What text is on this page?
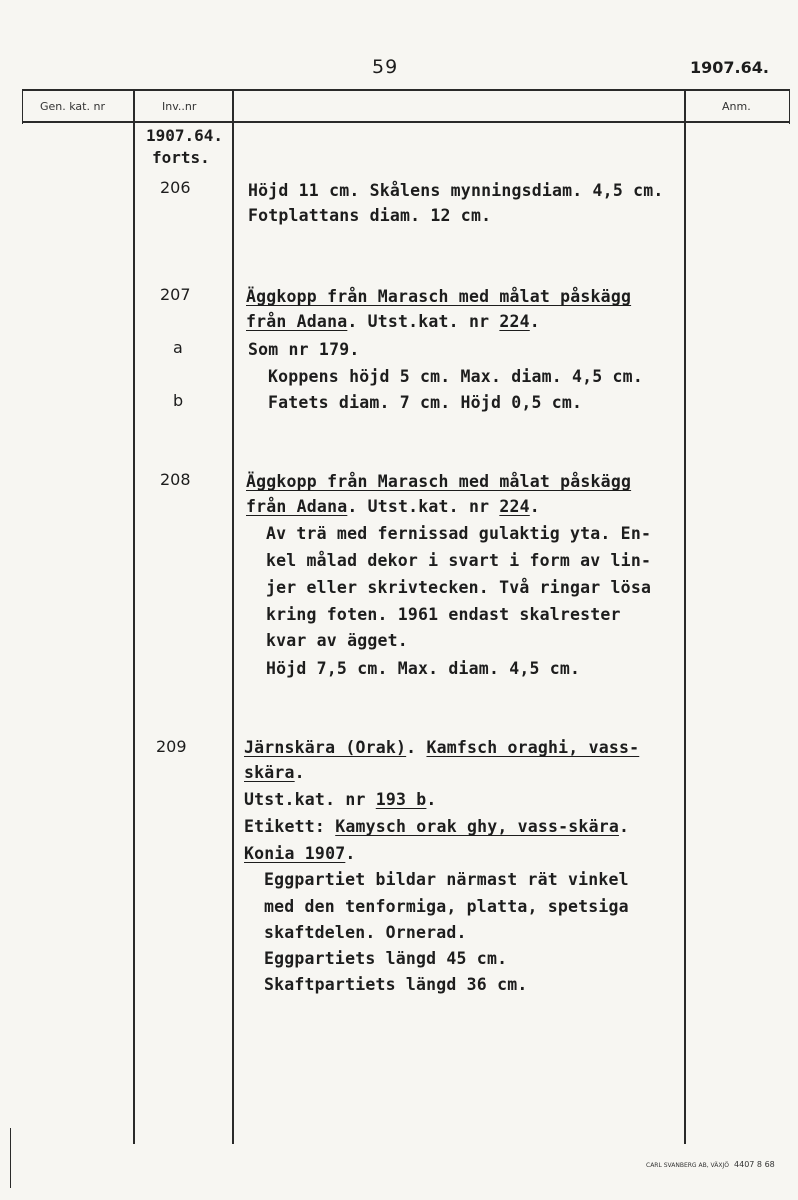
59	1907.64.
Gen. kat. nr	Inv..nr	Anm.
1907.64.
forts.
206	Höjd 11 cm. Skålens mynningsdiam. 4,5 cm.
Fotplattans diam. 12 cm.
207	Äggkopp från Marasch med målat påskägg
från Adana. Utst.kat. nr 224.
a	Som nr 179.
Koppens höjd 5 cm. Max. diam. 4,5 cm.
b	Fatets diam. 7 cm. Höjd 0,5 cm.
208	Äggkopp från Marasch med målat påskägg
från Adana. Utst.kat. nr 224.
Av trä med fernissad gulaktig yta. En-
kel målad dekor i svart i form av lin-
jer eller skrivtecken. Två ringar lösa
kring foten. 1961 endast skalrester
kvar av ägget.
Höjd 7,5 cm. Max. diam. 4,5 cm.
209	Järnskära (Orak). Kamfsch oraghi, vass-
skära.
Utst.kat. nr 193 b.
Etikett: Kamysch orak ghy, vass-skära.
Konia 1907.
Eggpartiet bildar närmast rät vinkel
med den tenformiga, platta, spetsiga
skaftdelen. Ornerad.
Eggpartiets längd 45 cm.
Skaftpartiets längd 36 cm.
CARL SVANBERG AB, VÄXJÖ 4407 8 68
